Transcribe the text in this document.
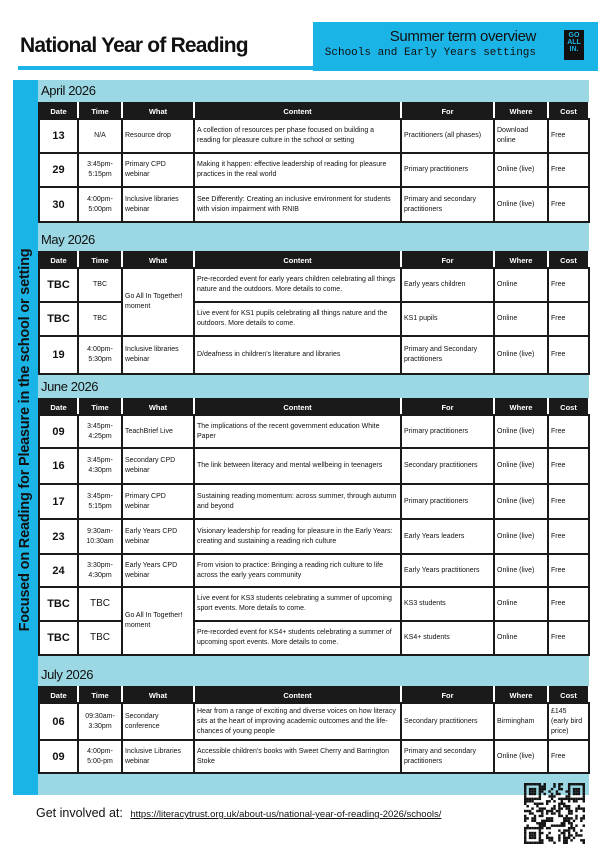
National Year of Reading	Summer term overview
Schools and Early Years settings
GO
ALL
IN.
Focused on Reading for Pleasure in the school or setting
April 2026
Date	Time	What	Content	For	Where	Cost
13	N/A	Resource drop	A collection of resources per phase focused on building a reading for pleasure culture in the school or setting	Practitioners (all phases)	Download online	Free
29	3:45pm-5:15pm	Primary CPD webinar	Making it happen: effective leadership of reading for pleasure practices in the real world	Primary practitioners	Online (live)	Free
30	4:00pm-5:00pm	Inclusive libraries webinar	See Differently: Creating an inclusive environment for students with vision impairment with RNIB	Primary and secondary practitioners	Online (live)	Free
May 2026
Date	Time	What	Content	For	Where	Cost
TBC	TBC	Go All In Together! moment	Pre-recorded event for early years children celebrating all things nature and the outdoors. More details to come.	Early years children	Online	Free
TBC	TBC		Live event for KS1 pupils celebrating all things nature and the outdoors. More details to come.	KS1 pupils	Online	Free
19	4:00pm-5:30pm	Inclusive libraries webinar	D/deafness in children's literature and libraries	Primary and Secondary practitioners	Online (live)	Free
June 2026
Date	Time	What	Content	For	Where	Cost
09	3:45pm-4:25pm	TeachBrief Live	The implications of the recent government education White Paper	Primary practitioners	Online (live)	Free
16	3:45pm-4:30pm	Secondary CPD webinar	The link between literacy and mental wellbeing in teenagers	Secondary practitioners	Online (live)	Free
17	3:45pm-5:15pm	Primary CPD webinar	Sustaining reading momentum: across summer, through autumn and beyond	Primary practitioners	Online (live)	Free
23	9:30am-10:30am	Early Years CPD webinar	Visionary leadership for reading for pleasure in the Early Years: creating and sustaining a reading rich culture	Early Years leaders	Online (live)	Free
24	3:30pm-4:30pm	Early Years CPD webinar	From vision to practice: Bringing a reading rich culture to life across the early years community	Early Years practitioners	Online (live)	Free
TBC	TBC	Go All In Together! moment	Live event for KS3 students celebrating a summer of upcoming sport events. More details to come.	KS3 students	Online	Free
TBC	TBC		Pre-recorded event for KS4+ students celebrating a summer of upcoming sport events. More details to come.	KS4+ students	Online	Free
July 2026
Date	Time	What	Content	For	Where	Cost
06	09:30am-3:30pm	Secondary conference	Hear from a range of exciting and diverse voices on how literacy sits at the heart of improving academic outcomes and the life-chances of young people	Secondary practitioners	Birmingham	£145 (early bird price)
09	4:00pm-5:00-pm	Inclusive Libraries webinar	Accessible children's books with Sweet Cherry and Barrington Stoke	Primary and secondary practitioners	Online (live)	Free
Get involved at: https://literacytrust.org.uk/about-us/national-year-of-reading-2026/schools/
